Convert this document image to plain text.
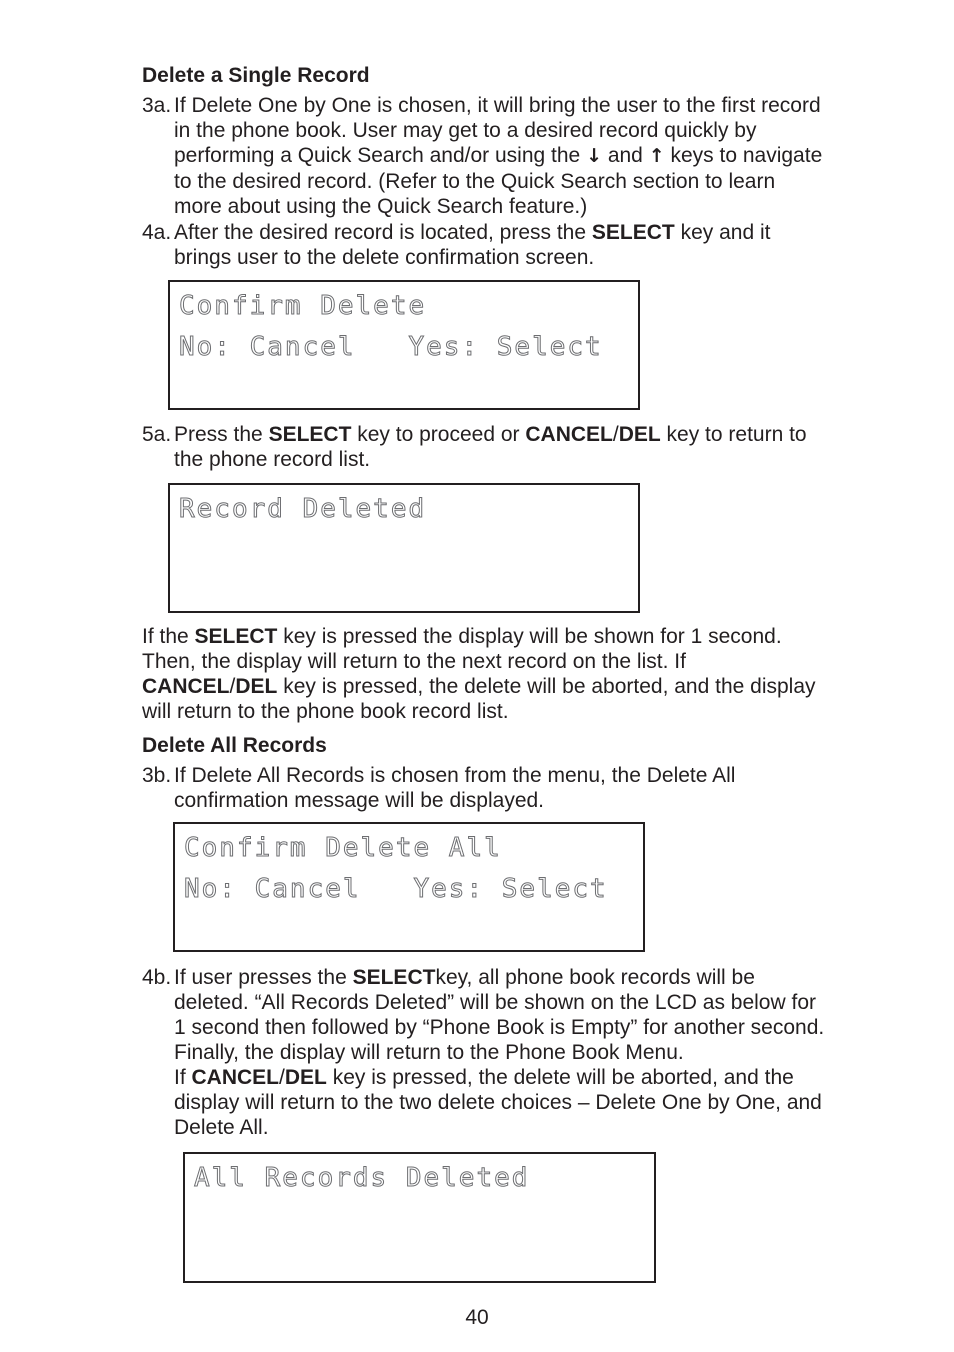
Delete a Single Record
3a. If Delete One by One is chosen, it will bring the user to the first record
in the phone book. User may get to a desired record quickly by
performing a Quick Search and/or using the ↓ and ↑ keys to navigate
to the desired record. (Refer to the Quick Search section to learn
more about using the Quick Search feature.)
4a. After the desired record is located, press the SELECT key and it
brings user to the delete confirmation screen.
Confirm Delete
No: Cancel   Yes: Select
5a. Press the SELECT key to proceed or CANCEL/DEL key to return to
the phone record list.
Record Deleted
If the SELECT key is pressed the display will be shown for 1 second.
Then, the display will return to the next record on the list. If
CANCEL/DEL key is pressed, the delete will be aborted, and the display
will return to the phone book record list.
Delete All Records
3b. If Delete All Records is chosen from the menu, the Delete All
confirmation message will be displayed.
Confirm Delete All
No: Cancel   Yes: Select
4b. If user presses the SELECTkey, all phone book records will be
deleted. “All Records Deleted” will be shown on the LCD as below for
1 second then followed by “Phone Book is Empty” for another second.
Finally, the display will return to the Phone Book Menu.
If CANCEL/DEL key is pressed, the delete will be aborted, and the
display will return to the two delete choices – Delete One by One, and
Delete All.
All Records Deleted
40
